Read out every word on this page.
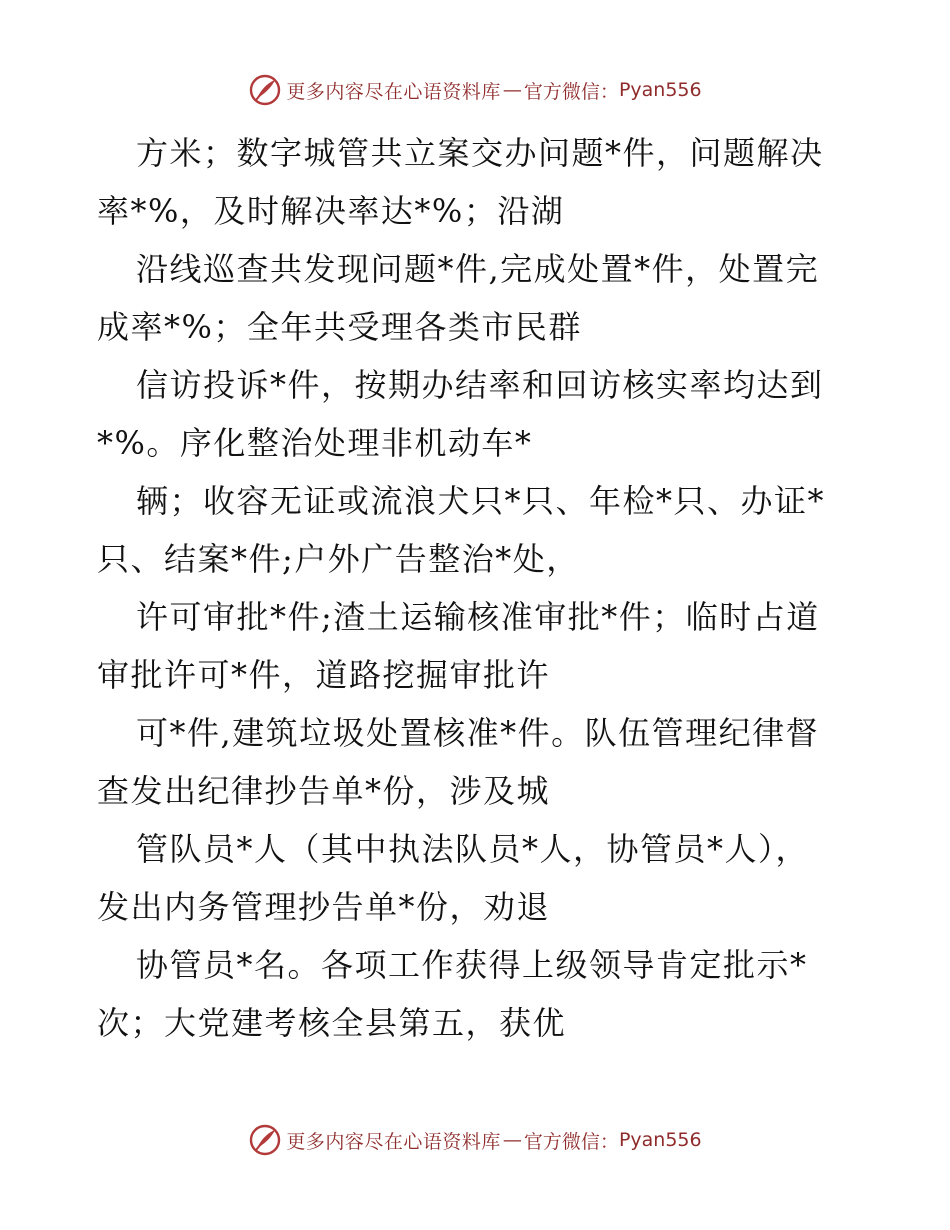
更多内容尽在心语资料库 — 官方微信： Pyan556

方米；数字城管共立案交办问题*件，问题解决率*%，及时解决率达*%；沿湖

沿线巡查共发现问题*件,完成处置*件，处置完成率*%；全年共受理各类市民群

信访投诉*件，按期办结率和回访核实率均达到*%。序化整治处理非机动车*

辆；收容无证或流浪犬只*只、年检*只、办证*只、结案*件;户外广告整治*处，

许可审批*件;渣土运输核准审批*件；临时占道审批许可*件，道路挖掘审批许

可*件,建筑垃圾处置核准*件。队伍管理纪律督查发出纪律抄告单*份，涉及城

管队员*人（其中执法队员*人，协管员*人），发出内务管理抄告单*份，劝退

协管员*名。各项工作获得上级领导肯定批示*次；大党建考核全县第五，获优

更多内容尽在心语资料库 — 官方微信： Pyan556
